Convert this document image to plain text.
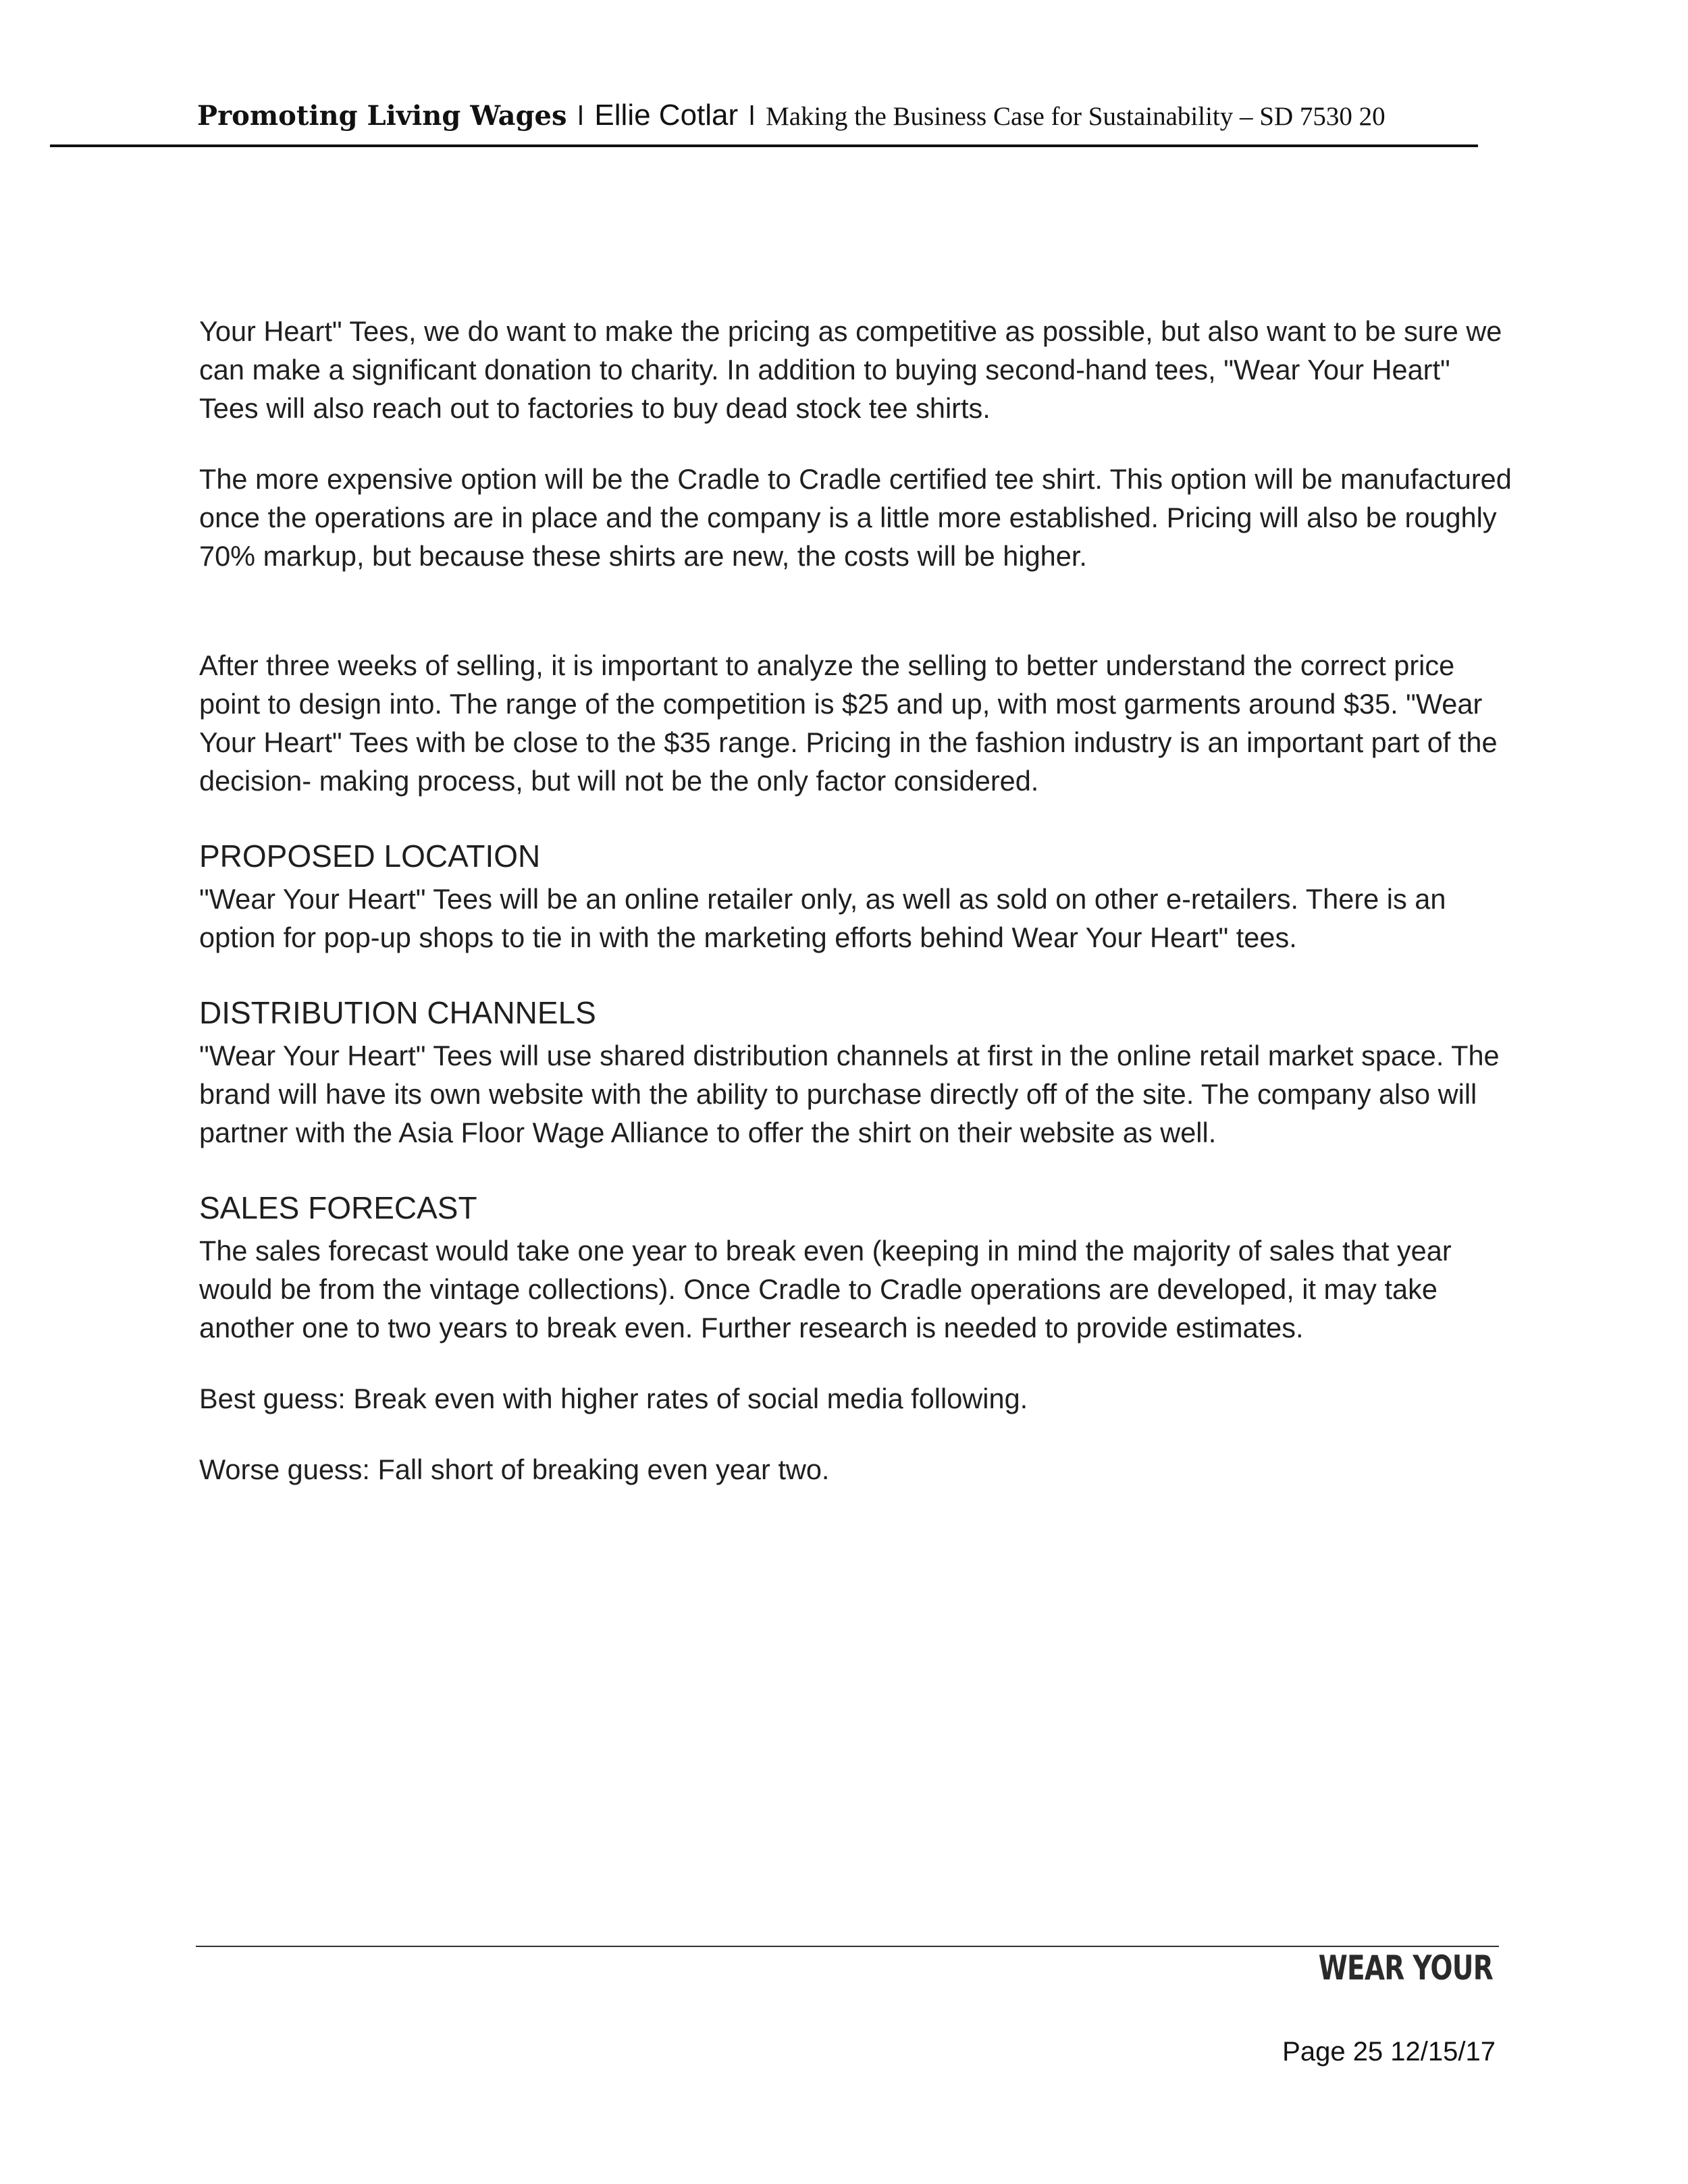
Promoting Living Wages l Ellie Cotlar l Making the Business Case for Sustainability – SD 7530 20

Your Heart" Tees, we do want to make the pricing as competitive as possible, but also want to be sure we can make a significant donation to charity. In addition to buying second-hand tees, "Wear Your Heart" Tees will also reach out to factories to buy dead stock tee shirts.

The more expensive option will be the Cradle to Cradle certified tee shirt. This option will be manufactured once the operations are in place and the company is a little more established. Pricing will also be roughly 70% markup, but because these shirts are new, the costs will be higher.

After three weeks of selling, it is important to analyze the selling to better understand the correct price point to design into. The range of the competition is $25 and up, with most garments around $35. "Wear Your Heart" Tees with be close to the $35 range. Pricing in the fashion industry is an important part of the decision- making process, but will not be the only factor considered.

PROPOSED LOCATION

"Wear Your Heart" Tees will be an online retailer only, as well as sold on other e-retailers. There is an option for pop-up shops to tie in with the marketing efforts behind Wear Your Heart" tees.

DISTRIBUTION CHANNELS

"Wear Your Heart" Tees will use shared distribution channels at first in the online retail market space. The brand will have its own website with the ability to purchase directly off of the site. The company also will partner with the Asia Floor Wage Alliance to offer the shirt on their website as well.

SALES FORECAST

The sales forecast would take one year to break even (keeping in mind the majority of sales that year would be from the vintage collections). Once Cradle to Cradle operations are developed, it may take another one to two years to break even. Further research is needed to provide estimates.

Best guess: Break even with higher rates of social media following.

Worse guess: Fall short of breaking even year two.

WEAR YOUR
Page 25 12/15/17
